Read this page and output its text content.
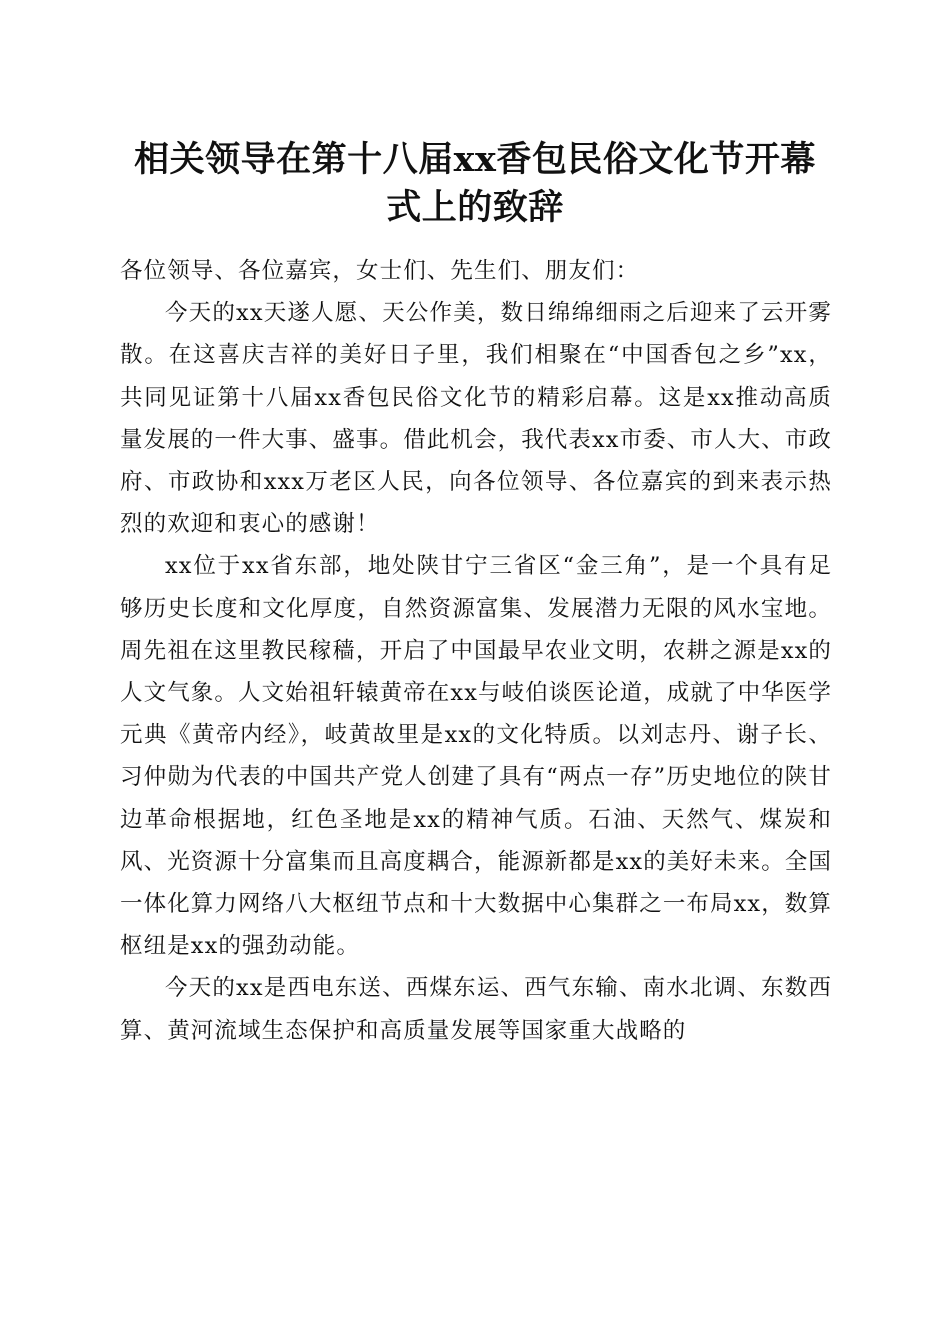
相关领导在第十八届xx香包民俗文化节开幕式上的致辞

各位领导、各位嘉宾，女士们、先生们、朋友们：

今天的xx天遂人愿、天公作美，数日绵绵细雨之后迎来了云开雾散。在这喜庆吉祥的美好日子里，我们相聚在“中国香包之乡”xx，共同见证第十八届xx香包民俗文化节的精彩启幕。这是xx推动高质量发展的一件大事、盛事。借此机会，我代表xx市委、市人大、市政府、市政协和xxx万老区人民，向各位领导、各位嘉宾的到来表示热烈的欢迎和衷心的感谢！

xx位于xx省东部，地处陕甘宁三省区“金三角”，是一个具有足够历史长度和文化厚度，自然资源富集、发展潜力无限的风水宝地。周先祖在这里教民稼穑，开启了中国最早农业文明，农耕之源是xx的人文气象。人文始祖轩辕黄帝在xx与岐伯谈医论道，成就了中华医学元典《黄帝内经》，岐黄故里是xx的文化特质。以刘志丹、谢子长、习仲勋为代表的中国共产党人创建了具有“两点一存”历史地位的陕甘边革命根据地，红色圣地是xx的精神气质。石油、天然气、煤炭和风、光资源十分富集而且高度耦合，能源新都是xx的美好未来。全国一体化算力网络八大枢纽节点和十大数据中心集群之一布局xx，数算枢纽是xx的强劲动能。

今天的xx是西电东送、西煤东运、西气东输、南水北调、东数西算、黄河流域生态保护和高质量发展等国家重大战略的
